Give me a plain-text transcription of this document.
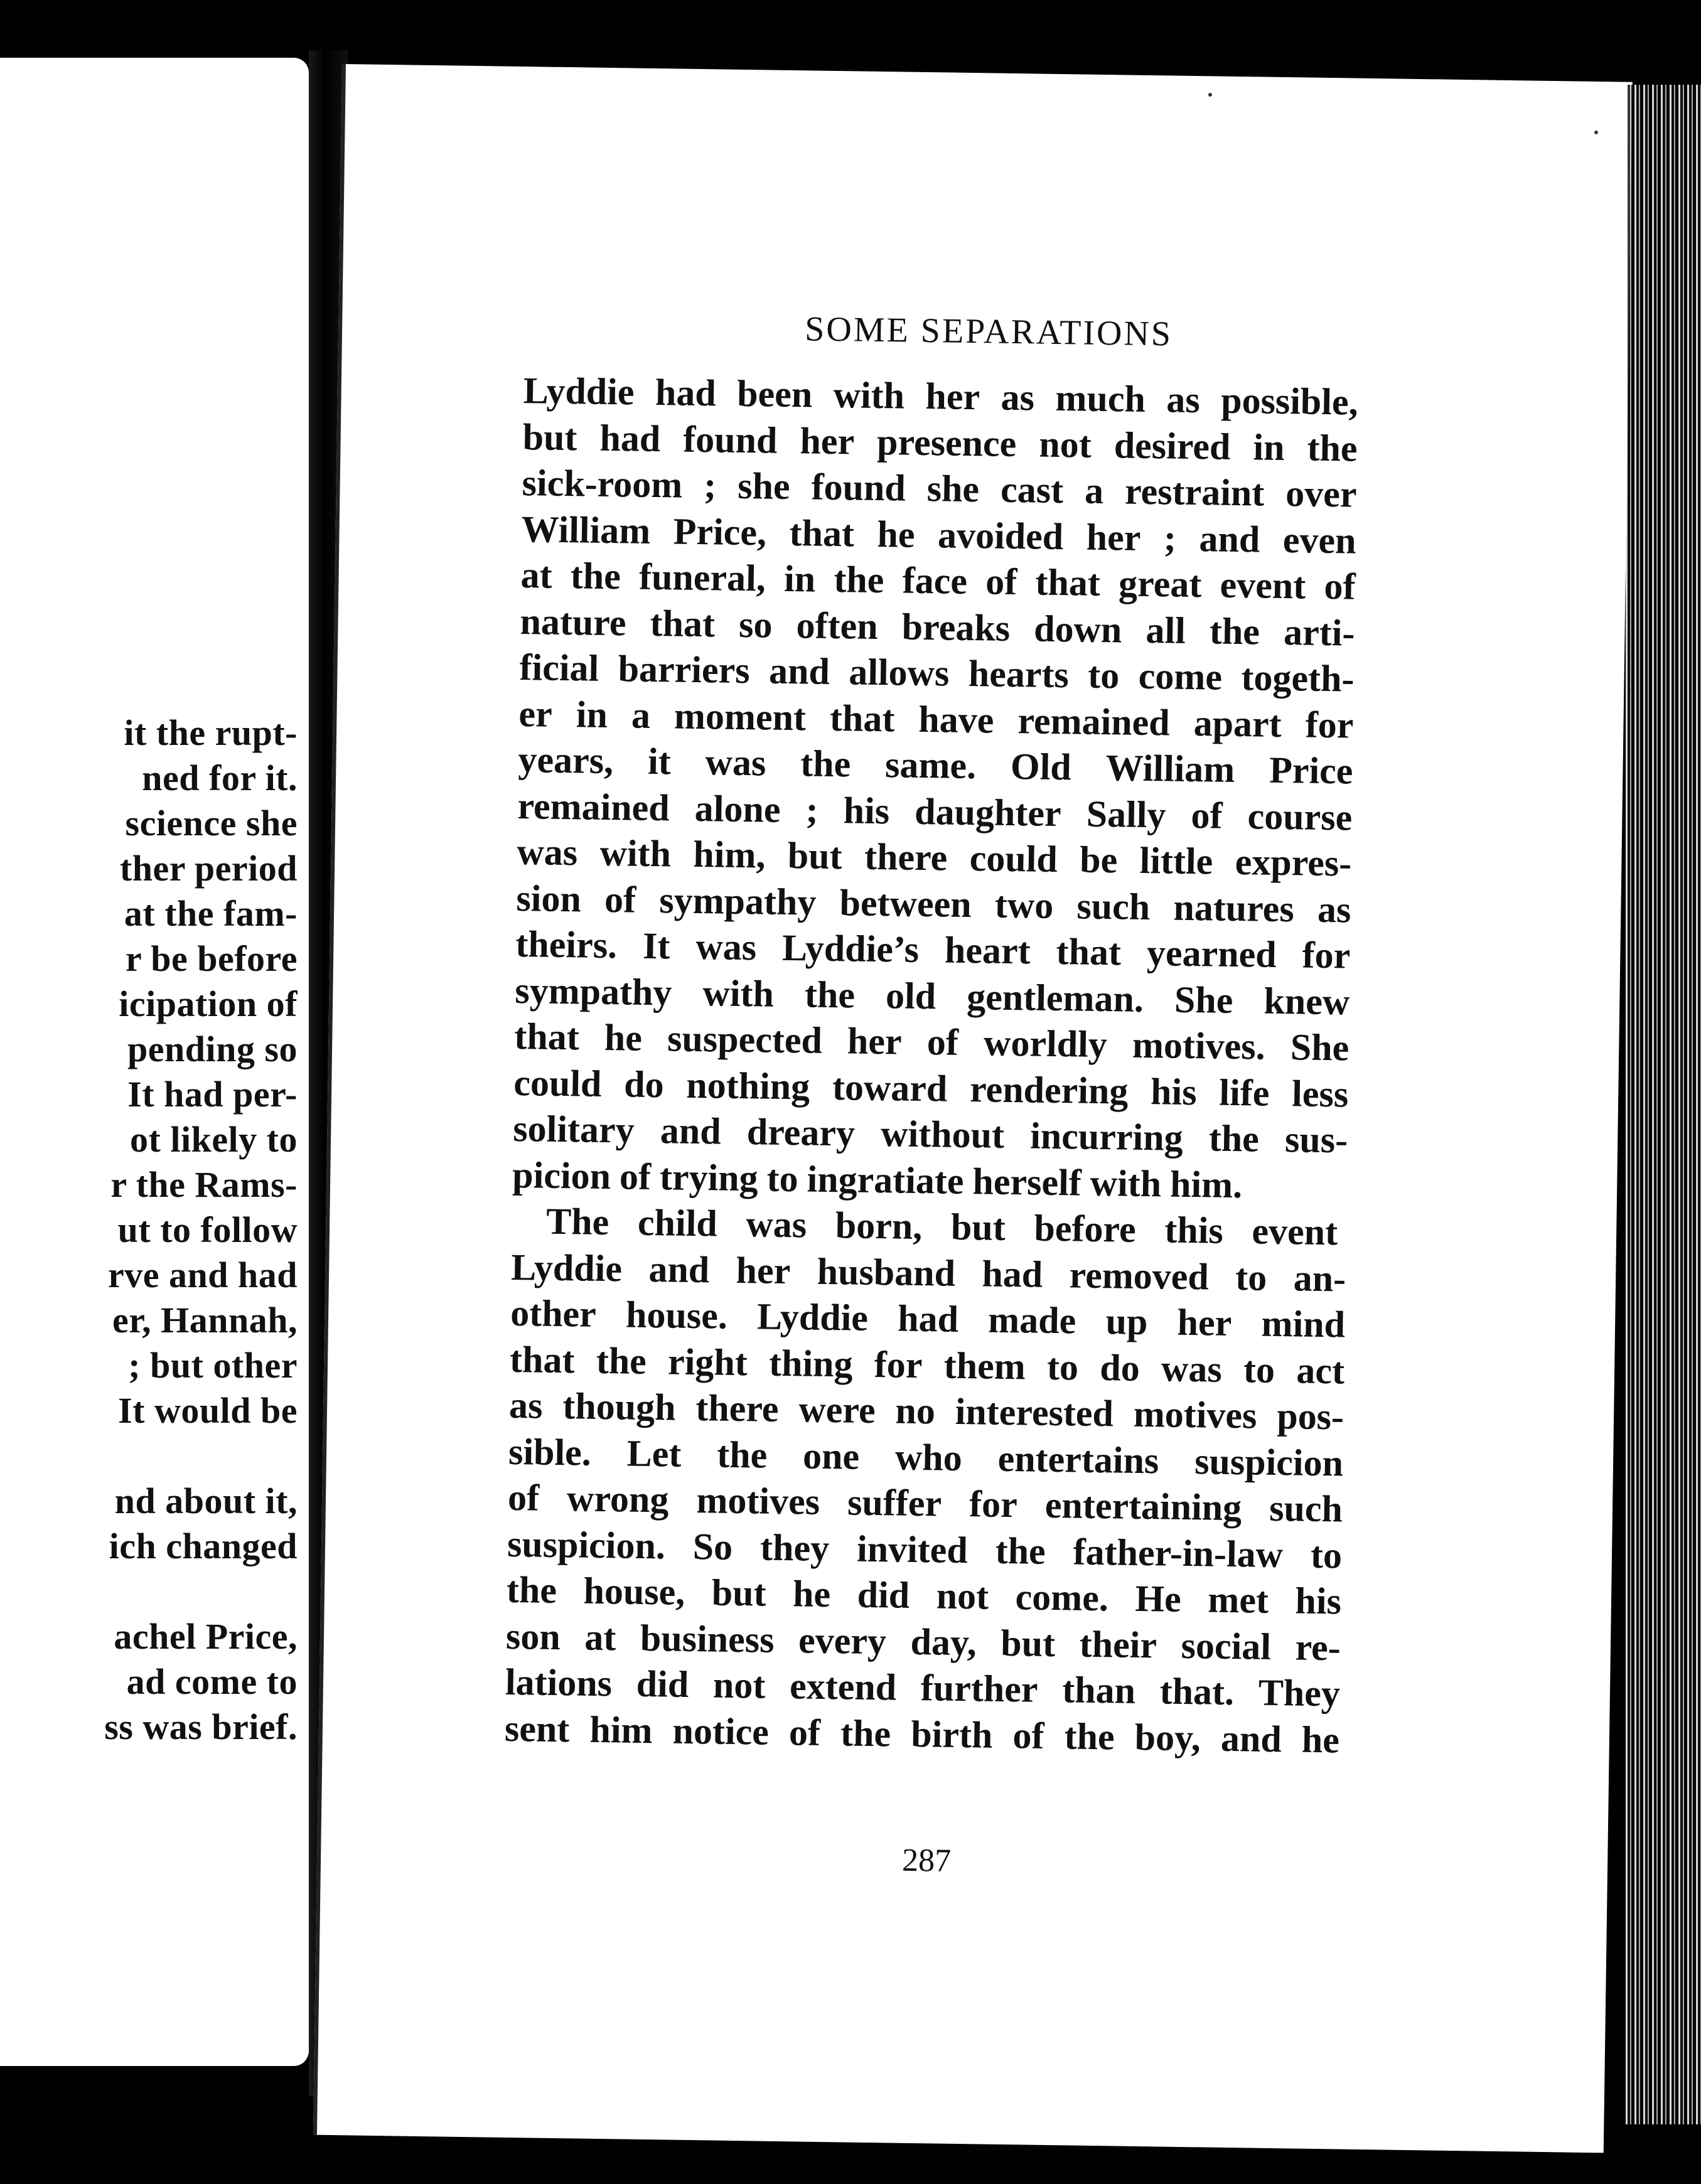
it the rupt-
ned for it.
science she
ther period
at the fam-
r be before
icipation of
pending so
It had per-
ot likely to
r the Rams-
ut to follow
rve and had
er, Hannah,
; but other
It would be
nd about it,
ich changed
achel Price,
ad come to
ss was brief.
SOME SEPARATIONS
Lyddie had been with her as much as possible,
but had found her presence not desired in the
sick-room ; she found she cast a restraint over
William Price, that he avoided her ; and even
at the funeral, in the face of that great event of
nature that so often breaks down all the arti-
ficial barriers and allows hearts to come togeth-
er in a moment that have remained apart for
years, it was the same. Old William Price
remained alone ; his daughter Sally of course
was with him, but there could be little expres-
sion of sympathy between two such natures as
theirs. It was Lyddie’s heart that yearned for
sympathy with the old gentleman. She knew
that he suspected her of worldly motives. She
could do nothing toward rendering his life less
solitary and dreary without incurring the sus-
picion of trying to ingratiate herself with him.
The child was born, but before this event
Lyddie and her husband had removed to an-
other house. Lyddie had made up her mind
that the right thing for them to do was to act
as though there were no interested motives pos-
sible. Let the one who entertains suspicion
of wrong motives suffer for entertaining such
suspicion. So they invited the father-in-law to
the house, but he did not come. He met his
son at business every day, but their social re-
lations did not extend further than that. They
sent him notice of the birth of the boy, and he
287
